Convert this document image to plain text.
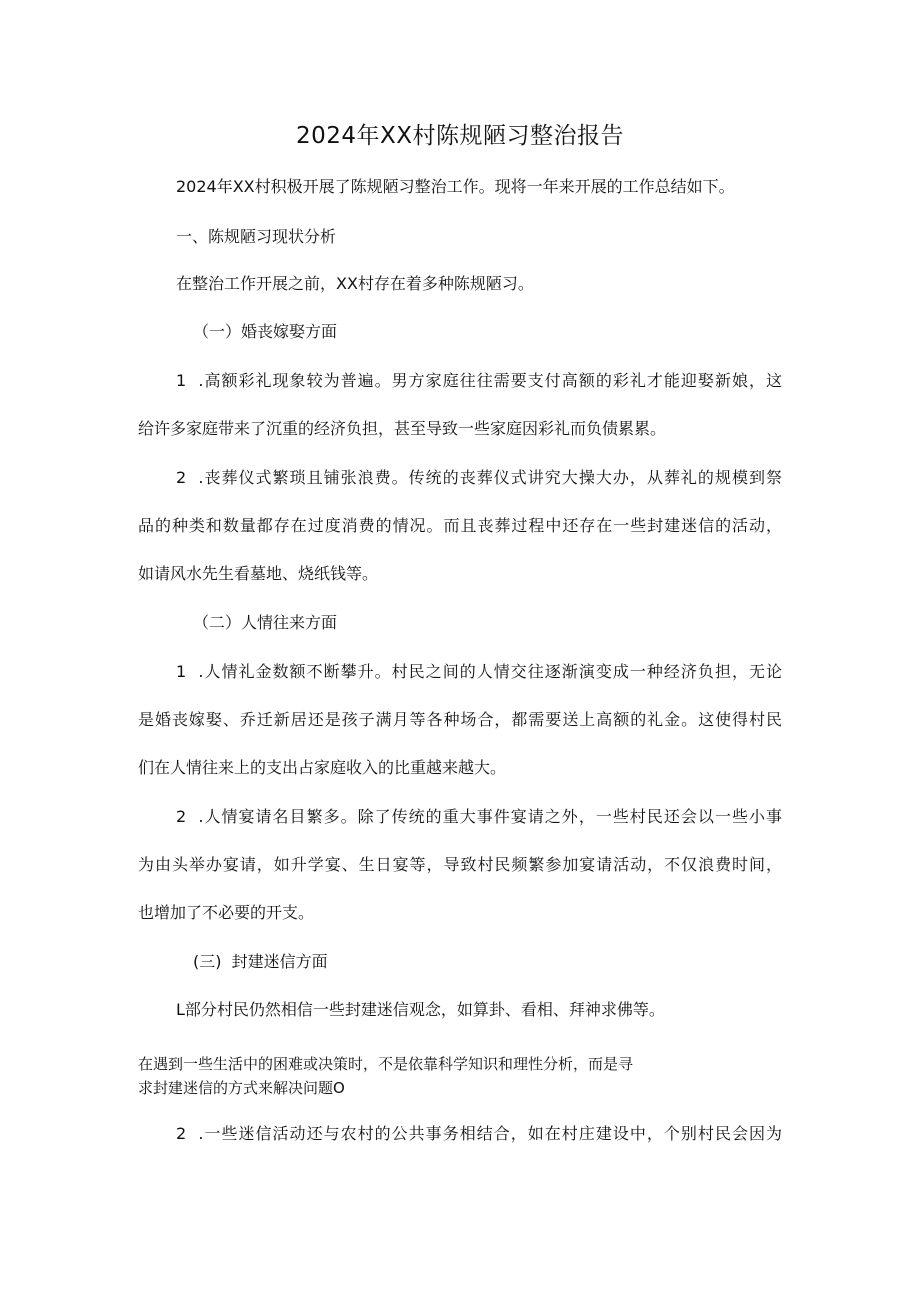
2024年XX村陈规陋习整治报告
2024年XX村积极开展了陈规陋习整治工作。现将一年来开展的工作总结如下。
一、陈规陋习现状分析
在整治工作开展之前，XX村存在着多种陈规陋习。
（一）婚丧嫁娶方面
1  .高额彩礼现象较为普遍。男方家庭往往需要支付高额的彩礼才能迎娶新娘，这
给许多家庭带来了沉重的经济负担，甚至导致一些家庭因彩礼而负债累累。
2  .丧葬仪式繁琐且铺张浪费。传统的丧葬仪式讲究大操大办，从葬礼的规模到祭
品的种类和数量都存在过度消费的情况。而且丧葬过程中还存在一些封建迷信的活动，
如请风水先生看墓地、烧纸钱等。
（二）人情往来方面
1  .人情礼金数额不断攀升。村民之间的人情交往逐渐演变成一种经济负担，无论
是婚丧嫁娶、乔迁新居还是孩子满月等各种场合，都需要送上高额的礼金。这使得村民
们在人情往来上的支出占家庭收入的比重越来越大。
2  .人情宴请名目繁多。除了传统的重大事件宴请之外，一些村民还会以一些小事
为由头举办宴请，如升学宴、生日宴等，导致村民频繁参加宴请活动，不仅浪费时间，
也增加了不必要的开支。
(三)  封建迷信方面
L部分村民仍然相信一些封建迷信观念，如算卦、看相、拜神求佛等。
在遇到一些生活中的困难或决策时，不是依靠科学知识和理性分析，而是寻
求封建迷信的方式来解决问题O
2  .一些迷信活动还与农村的公共事务相结合，如在村庄建设中，个别村民会因为
